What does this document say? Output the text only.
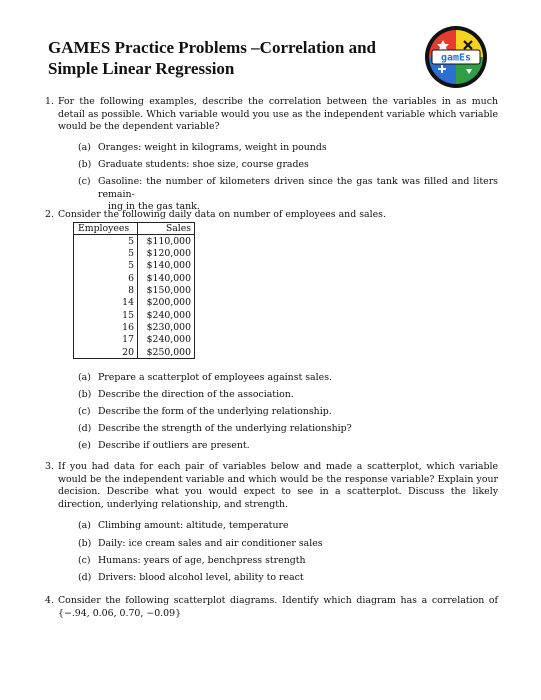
GAMES Practice Problems –Correlation and
Simple Linear Regression
gamEs
1. For the following examples, describe the correlation between the variables in as much detail as possible. Which variable would you use as the independent variable which variable would be the dependent variable?

(a) Oranges: weight in kilograms, weight in pounds
(b) Graduate students: shoe size, course grades
(c) Gasoline: the number of kilometers driven since the gas tank was filled and liters remain-
ing in the gas tank.
2. Consider the following daily data on number of employees and sales.

Employees	Sales
5	$110,000
5	$120,000
5	$140,000
6	$140,000
8	$150,000
14	$200,000
15	$240,000
16	$230,000
17	$240,000
20	$250,000
(a) Prepare a scatterplot of employees against sales.
(b) Describe the direction of the association.
(c) Describe the form of the underlying relationship.
(d) Describe the strength of the underlying relationship?
(e) Describe if outliers are present.
3. If you had data for each pair of variables below and made a scatterplot, which variable would be the independent variable and which would be the response variable? Explain your decision. Describe what you would expect to see in a scatterplot. Discuss the likely direction, underlying relationship, and strength.

(a) Climbing amount: altitude, temperature
(b) Daily: ice cream sales and air conditioner sales
(c) Humans: years of age, benchpress strength
(d) Drivers: blood alcohol level, ability to react
4. Consider the following scatterplot diagrams. Identify which diagram has a correlation of {−.94, 0.06, 0.70, −0.09}
